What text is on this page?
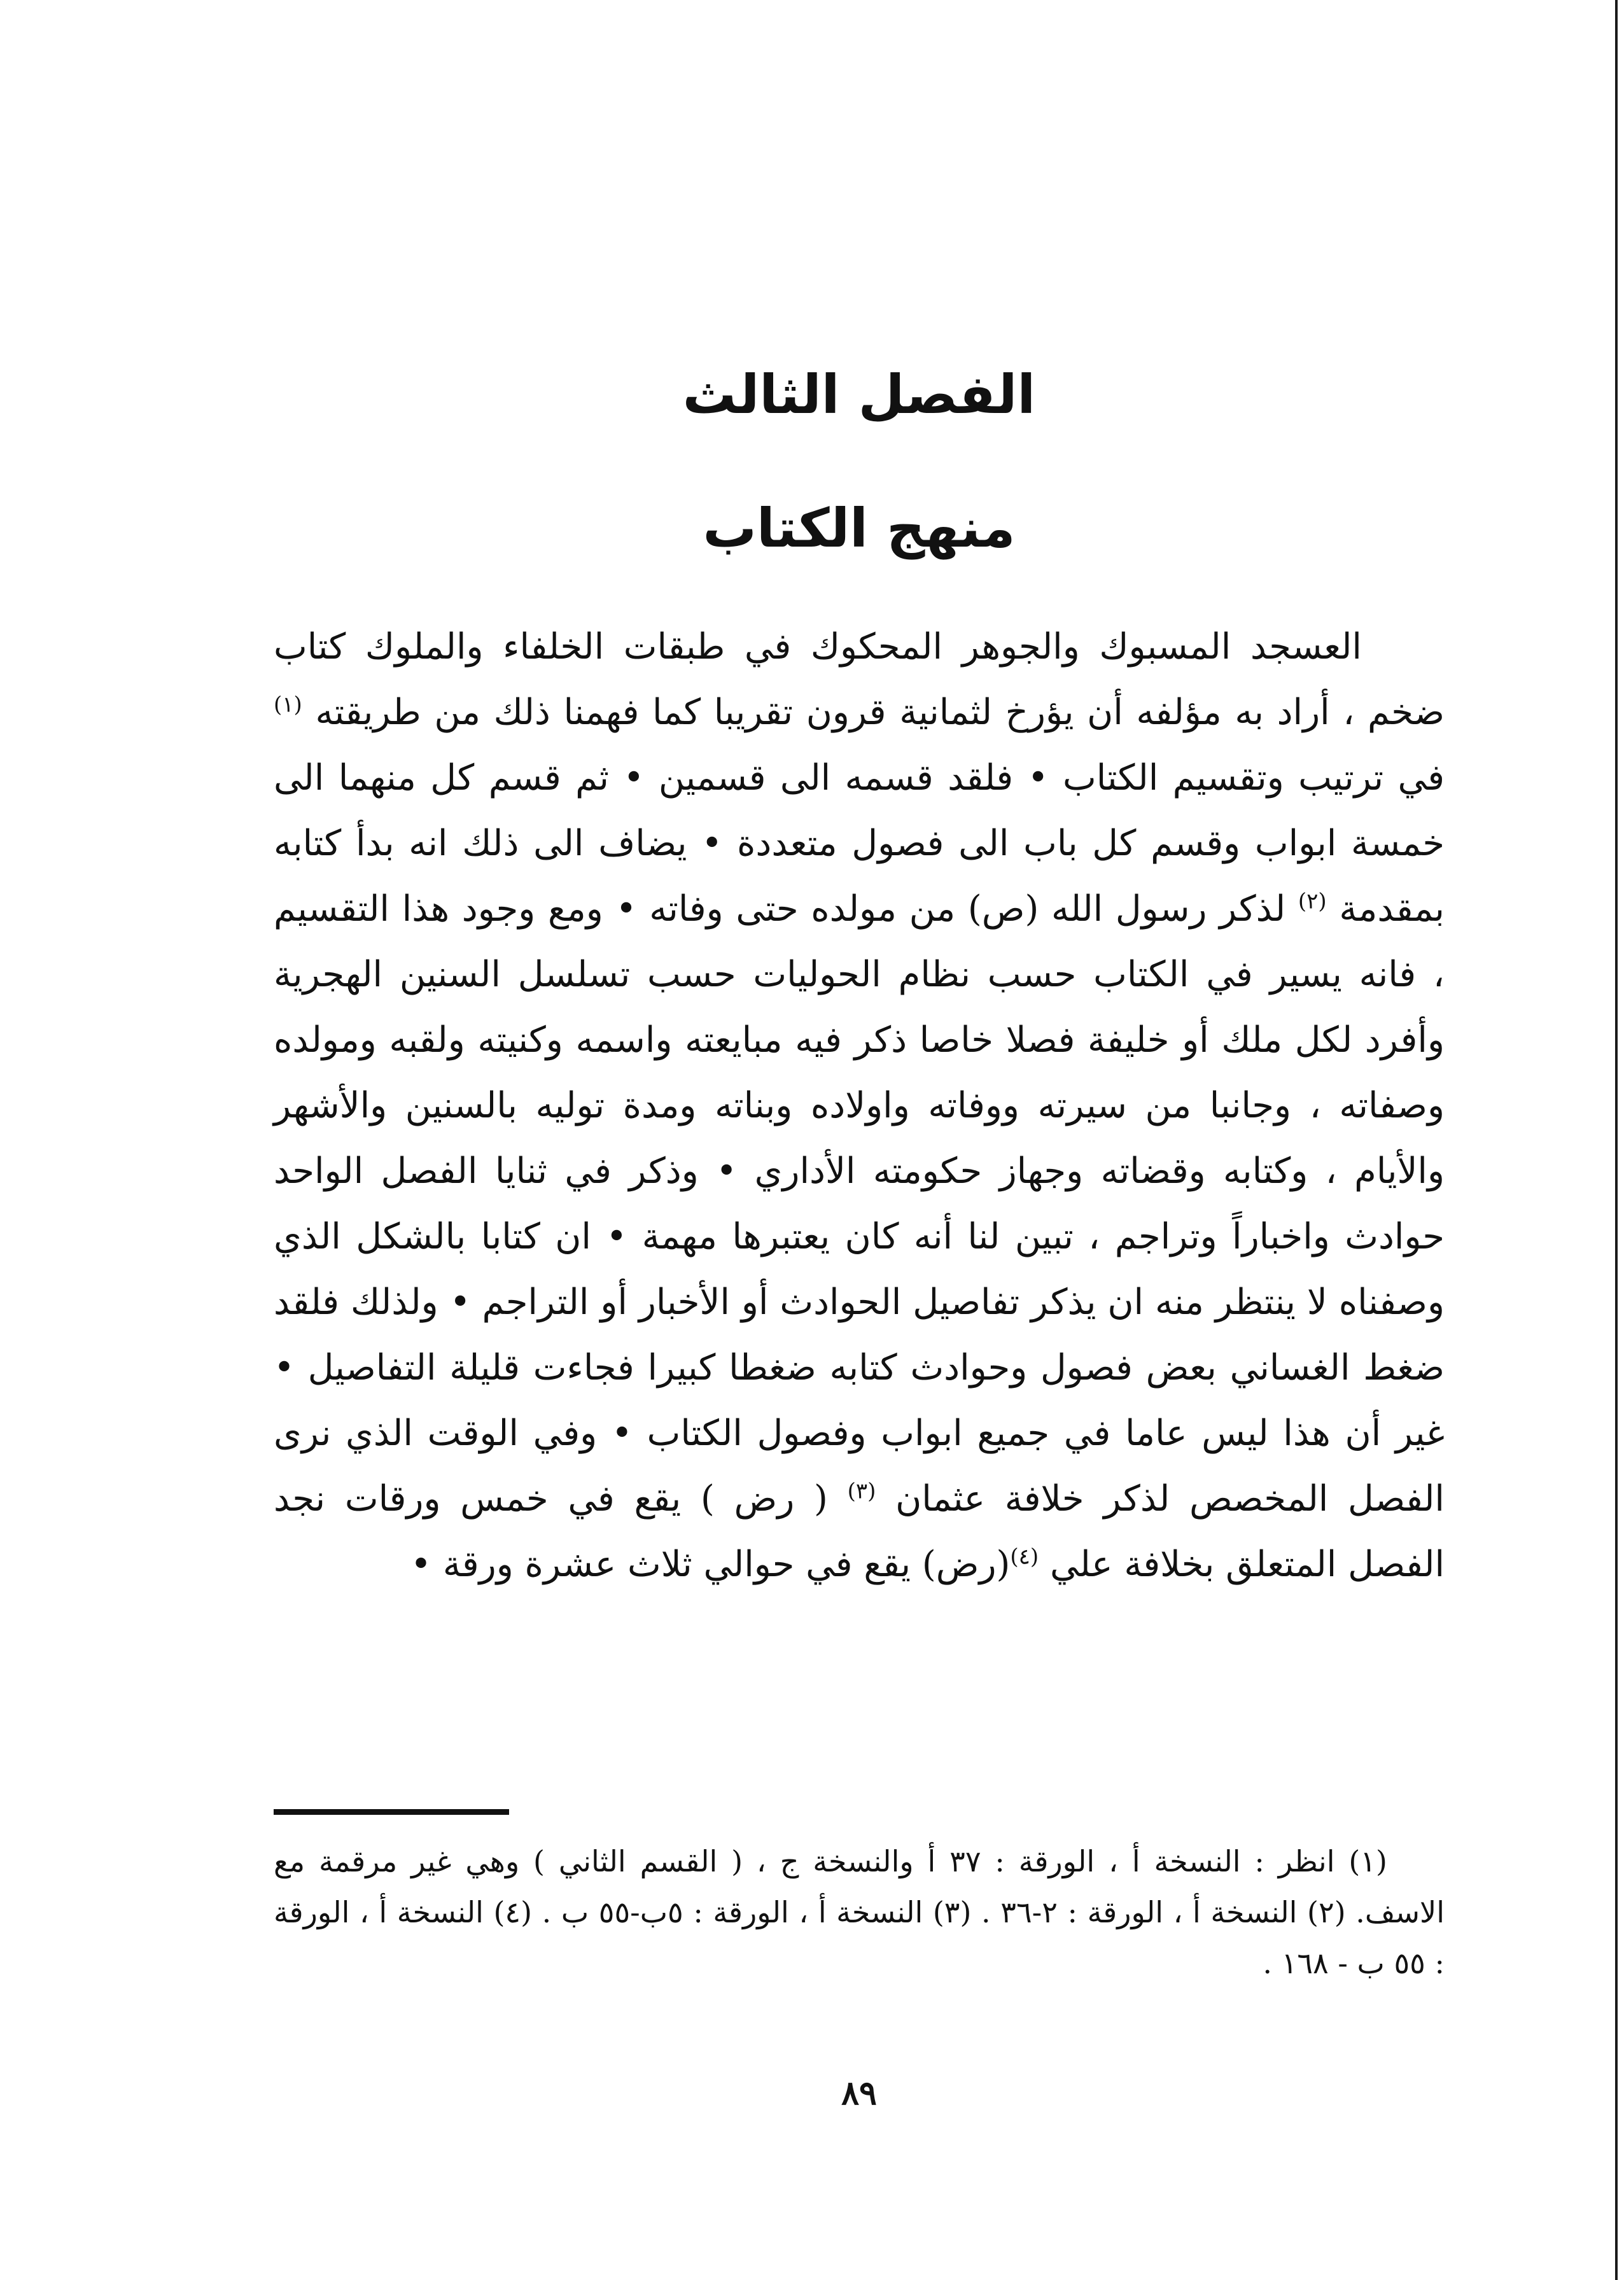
الفصل الثالث
منهج الكتاب

العسجد المسبوك والجوهر المحكوك في طبقات الخلفاء والملوك كتاب ضخم ، أراد به مؤلفه أن يؤرخ لثمانية قرون تقريبا كما فهمنا ذلك من طريقته $^{(١)}$ في ترتيب وتقسيم الكتاب • فلقد قسمه الى قسمين • ثم قسم كل منهما الى خمسة ابواب وقسم كل باب الى فصول متعددة • يضاف الى ذلك انه بدأ كتابه بمقدمة $^{(٢)}$ لذكر رسول الله (ص) من مولده حتى وفاته • ومع وجود هذا التقسيم ، فانه يسير في الكتاب حسب نظام الحوليات حسب تسلسل السنين الهجرية وأفرد لكل ملك أو خليفة فصلا خاصا ذكر فيه مبايعته واسمه وكنيته ولقبه ومولده وصفاته ، وجانبا من سيرته ووفاته واولاده وبناته ومدة توليه بالسنين والأشهر والأيام ، وكتابه وقضاته وجهاز حكومته الأداري • وذكر في ثنايا الفصل الواحد حوادث واخباراً وتراجم ، تبين لنا أنه كان يعتبرها مهمة • ان كتابا بالشكل الذي وصفناه لا ينتظر منه ان يذكر تفاصيل الحوادث أو الأخبار أو التراجم • ولذلك فلقد ضغط الغساني بعض فصول وحوادث كتابه ضغطا كبيرا فجاءت قليلة التفاصيل • غير أن هذا ليس عاما في جميع ابواب وفصول الكتاب • وفي الوقت الذي نرى الفصل المخصص لذكر خلافة عثمان $^{(٣)}$ ( رض ) يقع في خمس ورقات نجد الفصل المتعلق بخلافة علي $^{(٤)}$(رض) يقع في حوالي ثلاث عشرة ورقة •

(١) انظر : النسخة أ ، الورقة : ٣٧ أ والنسخة ج ، ( القسم الثاني ) وهي غير مرقمة مع الاسف. (٢) النسخة أ ، الورقة : ٢-٣٦ . (٣) النسخة أ ، الورقة : ٥ب-٥٥ ب . (٤) النسخة أ ، الورقة : ٥٥ ب - ١٦٨ .

٨٩
